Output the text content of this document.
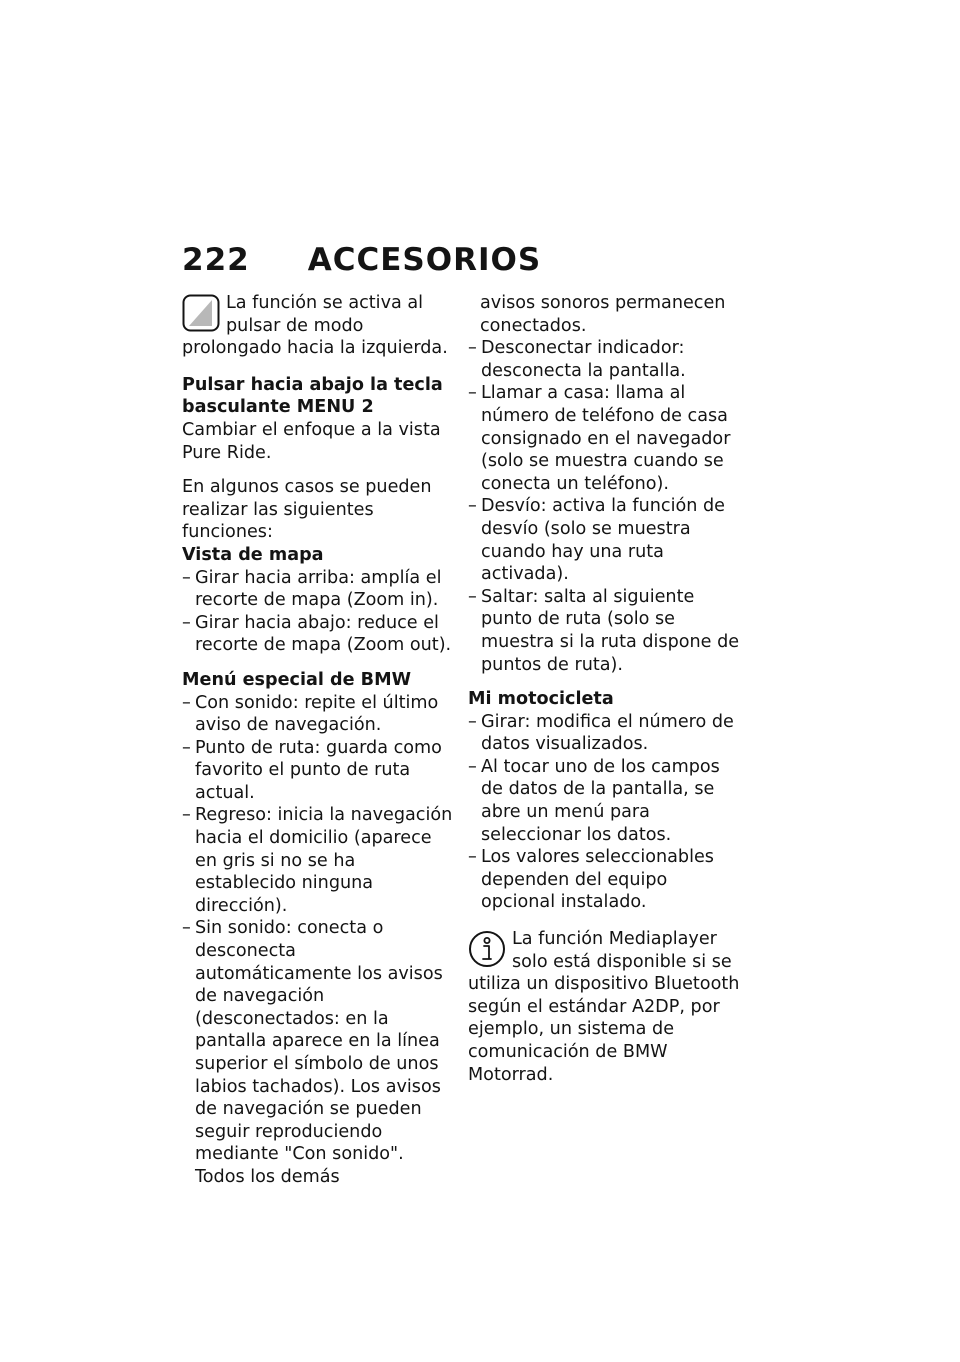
222 ACCESORIOS

La función se activa al pulsar de modo prolongado hacia la izquierda.

Pulsar hacia abajo la tecla

basculante MENU 2

Cambiar el enfoque a la vista Pure Ride.

En algunos casos se pueden realizar las siguientes funciones:

Vista de mapa

– Girar hacia arriba: amplía el recorte de mapa (Zoom in).
– Girar hacia abajo: reduce el recorte de mapa (Zoom out).

Menú especial de BMW

– Con sonido: repite el último aviso de navegación.
– Punto de ruta: guarda como favorito el punto de ruta actual.
– Regreso: inicia la navegación hacia el domicilio (aparece en gris si no se ha establecido ninguna dirección).
– Sin sonido: conecta o desconecta automáticamente los avisos de navegación (desconectados: en la pantalla aparece en la línea superior el símbolo de unos labios tachados). Los avisos de navegación se pueden seguir reproduciendo mediante "Con sonido". Todos los demás

avisos sonoros permanecen conectados.

– Desconectar indicador: desconecta la pantalla.
– Llamar a casa: llama al número de teléfono de casa consignado en el navegador (solo se muestra cuando se conecta un teléfono).
– Desvío: activa la función de desvío (solo se muestra cuando hay una ruta activada).
– Saltar: salta al siguiente punto de ruta (solo se muestra si la ruta dispone de puntos de ruta).

Mi motocicleta

– Girar: modifica el número de datos visualizados.
– Al tocar uno de los campos de datos de la pantalla, se abre un menú para seleccionar los datos.
– Los valores seleccionables dependen del equipo opcional instalado.

La función Mediaplayer solo está disponible si se utiliza un dispositivo Bluetooth según el estándar A2DP, por ejemplo, un sistema de comunicación de BMW Motorrad.
